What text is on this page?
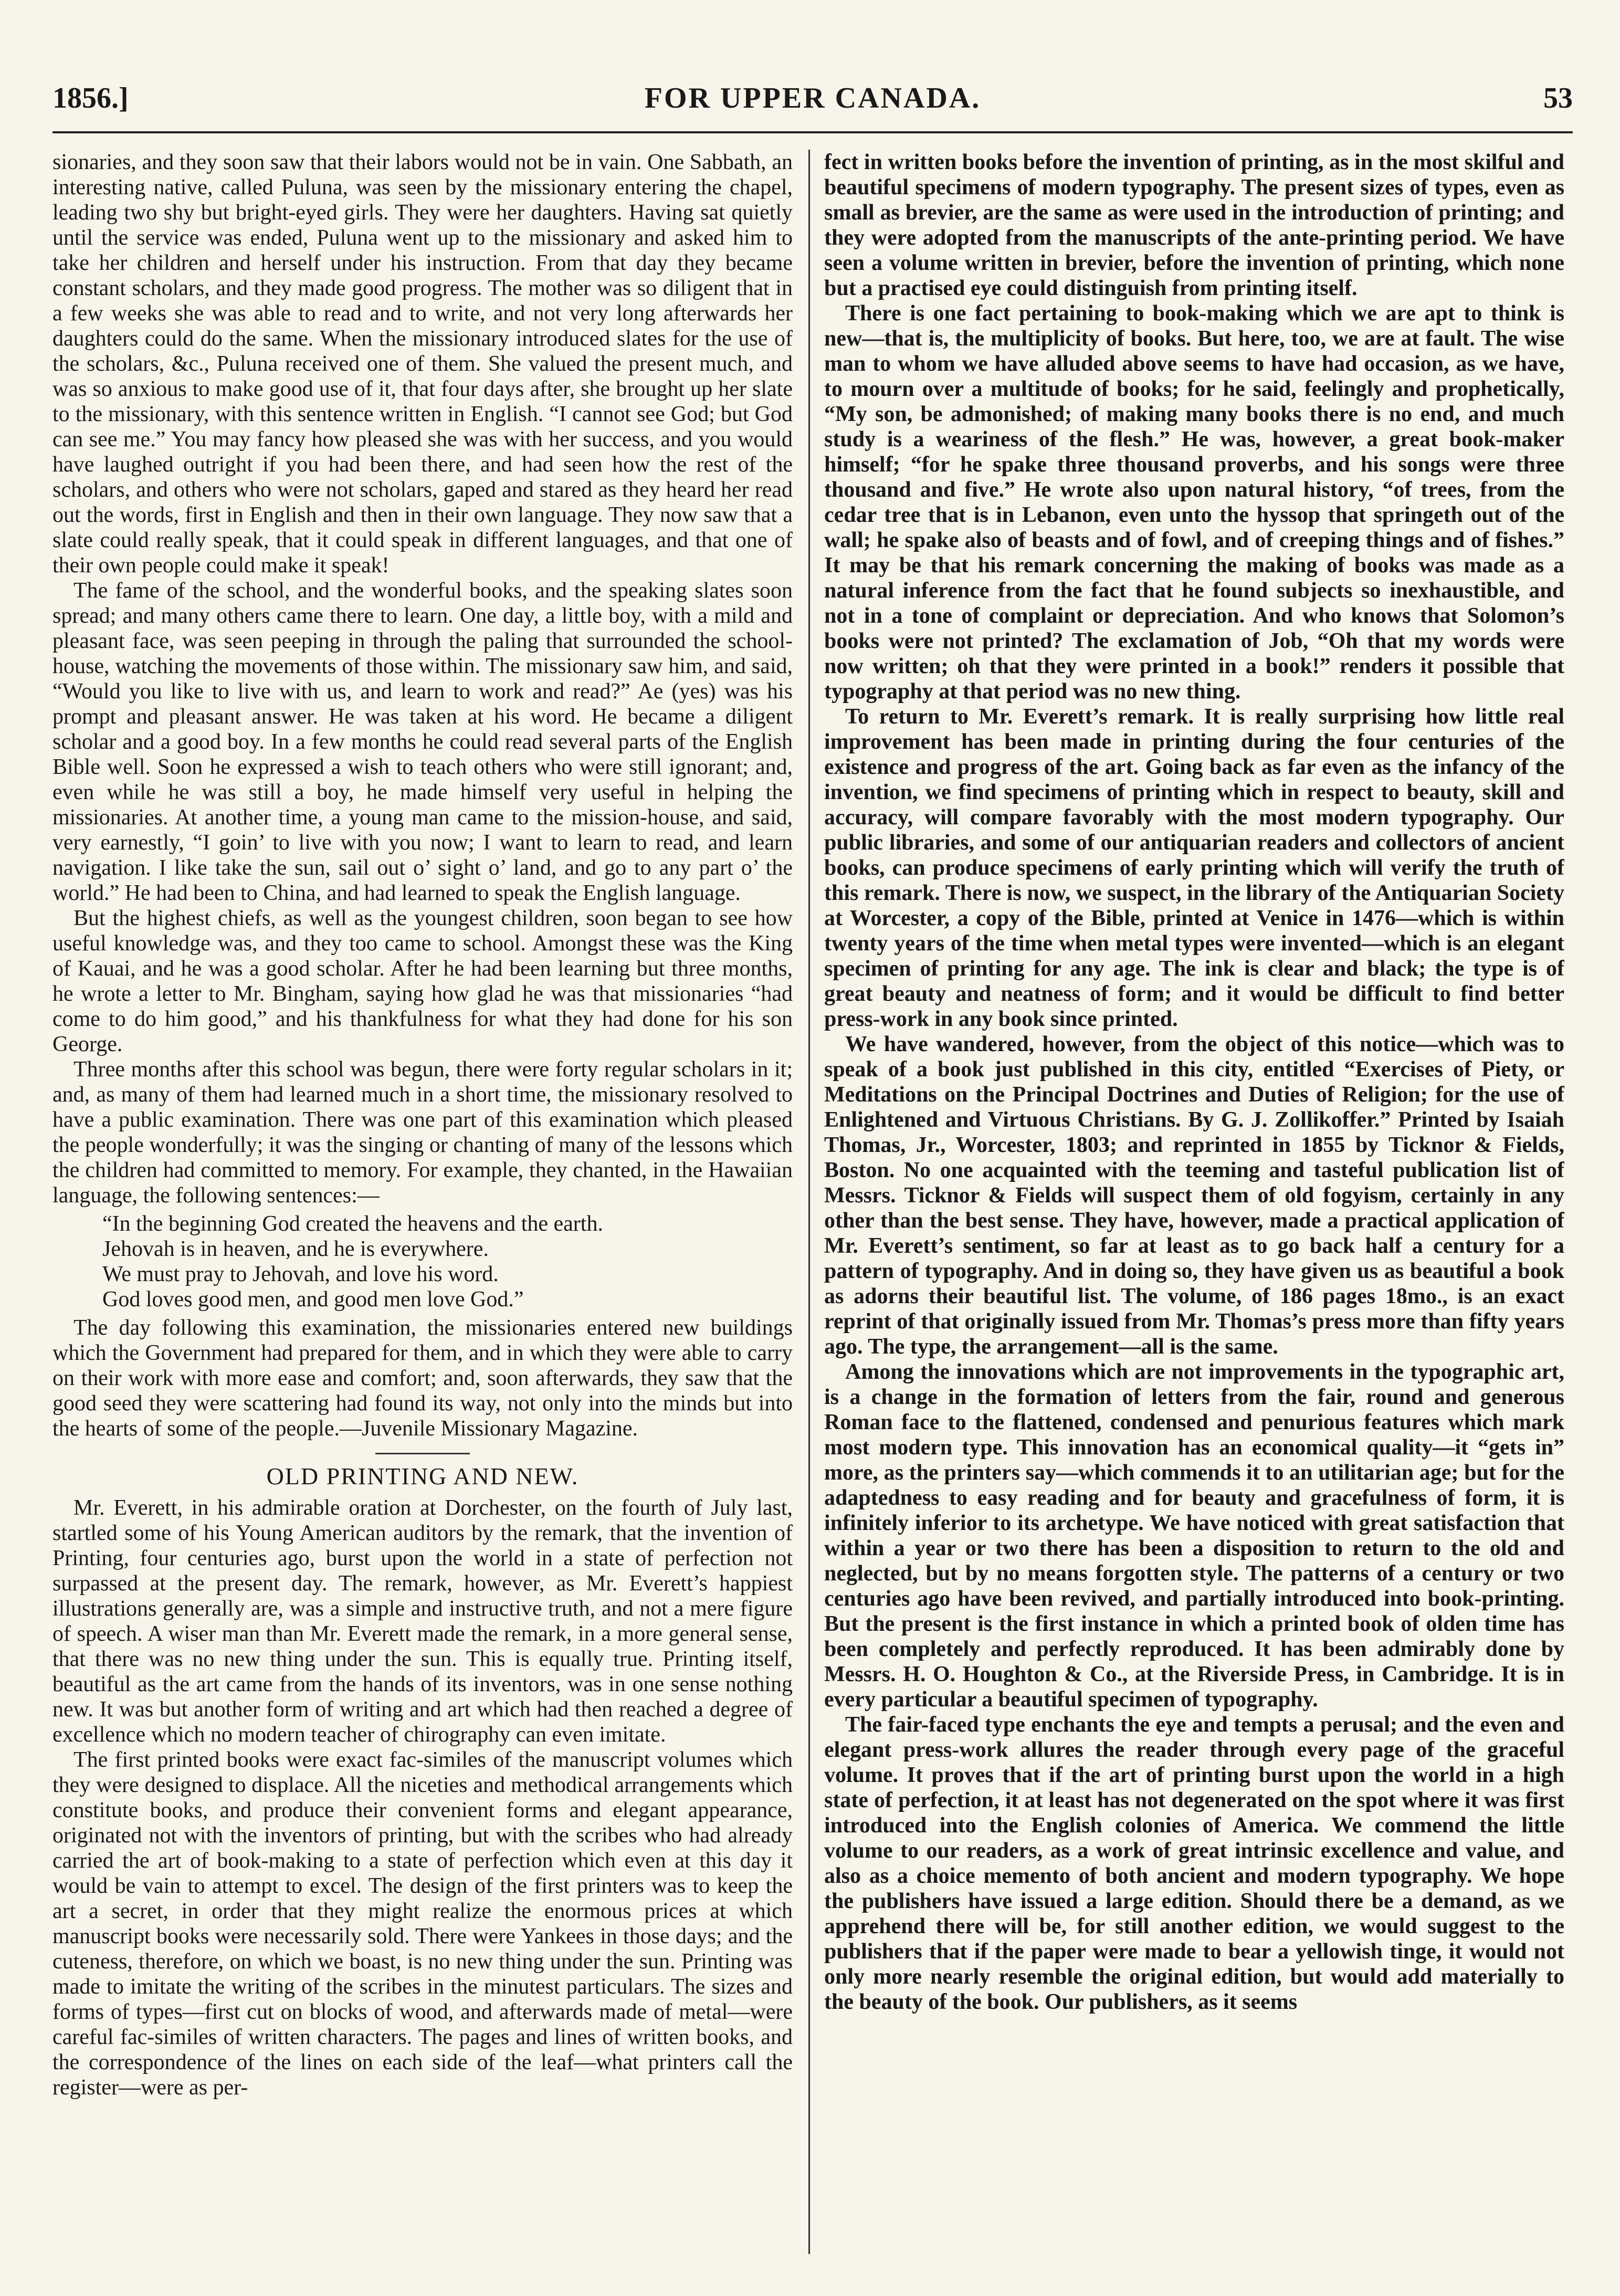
1856.]	FOR UPPER CANADA.	53

sionaries, and they soon saw that their labors would not be in vain. One Sabbath, an interesting native, called Puluna, was seen by the missionary entering the chapel, leading two shy but bright-eyed girls. They were her daughters. Having sat quietly until the service was ended, Puluna went up to the missionary and asked him to take her children and herself under his instruction. From that day they became constant scholars, and they made good progress. The mother was so diligent that in a few weeks she was able to read and to write, and not very long afterwards her daughters could do the same. When the missionary introduced slates for the use of the scholars, &c., Puluna received one of them. She valued the present much, and was so anxious to make good use of it, that four days after, she brought up her slate to the missionary, with this sentence written in English. “I cannot see God; but God can see me.” You may fancy how pleased she was with her success, and you would have laughed outright if you had been there, and had seen how the rest of the scholars, and others who were not scholars, gaped and stared as they heard her read out the words, first in English and then in their own language. They now saw that a slate could really speak, that it could speak in different languages, and that one of their own people could make it speak!

The fame of the school, and the wonderful books, and the speaking slates soon spread; and many others came there to learn. One day, a little boy, with a mild and pleasant face, was seen peeping in through the paling that surrounded the school-house, watching the movements of those within. The missionary saw him, and said, “Would you like to live with us, and learn to work and read?” Ae (yes) was his prompt and pleasant answer. He was taken at his word. He became a diligent scholar and a good boy. In a few months he could read several parts of the English Bible well. Soon he expressed a wish to teach others who were still ignorant; and, even while he was still a boy, he made himself very useful in helping the missionaries. At another time, a young man came to the mission-house, and said, very earnestly, “I goin’ to live with you now; I want to learn to read, and learn navigation. I like take the sun, sail out o’ sight o’ land, and go to any part o’ the world.” He had been to China, and had learned to speak the English language.

But the highest chiefs, as well as the youngest children, soon began to see how useful knowledge was, and they too came to school. Amongst these was the King of Kauai, and he was a good scholar. After he had been learning but three months, he wrote a letter to Mr. Bingham, saying how glad he was that missionaries “had come to do him good,” and his thankfulness for what they had done for his son George.

Three months after this school was begun, there were forty regular scholars in it; and, as many of them had learned much in a short time, the missionary resolved to have a public examination. There was one part of this examination which pleased the people wonderfully; it was the singing or chanting of many of the lessons which the children had committed to memory. For example, they chanted, in the Hawaiian language, the following sentences:—

“In the beginning God created the heavens and the earth.
Jehovah is in heaven, and he is everywhere.
We must pray to Jehovah, and love his word.
God loves good men, and good men love God.”

The day following this examination, the missionaries entered new buildings which the Government had prepared for them, and in which they were able to carry on their work with more ease and comfort; and, soon afterwards, they saw that the good seed they were scattering had found its way, not only into the minds but into the hearts of some of the people.—Juvenile Missionary Magazine.

OLD PRINTING AND NEW.

Mr. Everett, in his admirable oration at Dorchester, on the fourth of July last, startled some of his Young American auditors by the remark, that the invention of Printing, four centuries ago, burst upon the world in a state of perfection not surpassed at the present day. The remark, however, as Mr. Everett’s happiest illustrations generally are, was a simple and instructive truth, and not a mere figure of speech. A wiser man than Mr. Everett made the remark, in a more general sense, that there was no new thing under the sun. This is equally true. Printing itself, beautiful as the art came from the hands of its inventors, was in one sense nothing new. It was but another form of writing and art which had then reached a degree of excellence which no modern teacher of chirography can even imitate.

The first printed books were exact fac-similes of the manuscript volumes which they were designed to displace. All the niceties and methodical arrangements which constitute books, and produce their convenient forms and elegant appearance, originated not with the inventors of printing, but with the scribes who had already carried the art of book-making to a state of perfection which even at this day it would be vain to attempt to excel. The design of the first printers was to keep the art a secret, in order that they might realize the enormous prices at which manuscript books were necessarily sold. There were Yankees in those days; and the cuteness, therefore, on which we boast, is no new thing under the sun. Printing was made to imitate the writing of the scribes in the minutest particulars. The sizes and forms of types—first cut on blocks of wood, and afterwards made of metal—were careful fac-similes of written characters. The pages and lines of written books, and the correspondence of the lines on each side of the leaf—what printers call the register—were as per-

fect in written books before the invention of printing, as in the most skilful and beautiful specimens of modern typography. The present sizes of types, even as small as brevier, are the same as were used in the introduction of printing; and they were adopted from the manuscripts of the ante-printing period. We have seen a volume written in brevier, before the invention of printing, which none but a practised eye could distinguish from printing itself.

There is one fact pertaining to book-making which we are apt to think is new—that is, the multiplicity of books. But here, too, we are at fault. The wise man to whom we have alluded above seems to have had occasion, as we have, to mourn over a multitude of books; for he said, feelingly and prophetically, “My son, be admonished; of making many books there is no end, and much study is a weariness of the flesh.” He was, however, a great book-maker himself; “for he spake three thousand proverbs, and his songs were three thousand and five.” He wrote also upon natural history, “of trees, from the cedar tree that is in Lebanon, even unto the hyssop that springeth out of the wall; he spake also of beasts and of fowl, and of creeping things and of fishes.” It may be that his remark concerning the making of books was made as a natural inference from the fact that he found subjects so inexhaustible, and not in a tone of complaint or depreciation. And who knows that Solomon’s books were not printed? The exclamation of Job, “Oh that my words were now written; oh that they were printed in a book!” renders it possible that typography at that period was no new thing.

To return to Mr. Everett’s remark. It is really surprising how little real improvement has been made in printing during the four centuries of the existence and progress of the art. Going back as far even as the infancy of the invention, we find specimens of printing which in respect to beauty, skill and accuracy, will compare favorably with the most modern typography. Our public libraries, and some of our antiquarian readers and collectors of ancient books, can produce specimens of early printing which will verify the truth of this remark. There is now, we suspect, in the library of the Antiquarian Society at Worcester, a copy of the Bible, printed at Venice in 1476—which is within twenty years of the time when metal types were invented—which is an elegant specimen of printing for any age. The ink is clear and black; the type is of great beauty and neatness of form; and it would be difficult to find better press-work in any book since printed.

We have wandered, however, from the object of this notice—which was to speak of a book just published in this city, entitled “Exercises of Piety, or Meditations on the Principal Doctrines and Duties of Religion; for the use of Enlightened and Virtuous Christians. By G. J. Zollikoffer.” Printed by Isaiah Thomas, Jr., Worcester, 1803; and reprinted in 1855 by Ticknor & Fields, Boston. No one acquainted with the teeming and tasteful publication list of Messrs. Ticknor & Fields will suspect them of old fogyism, certainly in any other than the best sense. They have, however, made a practical application of Mr. Everett’s sentiment, so far at least as to go back half a century for a pattern of typography. And in doing so, they have given us as beautiful a book as adorns their beautiful list. The volume, of 186 pages 18mo., is an exact reprint of that originally issued from Mr. Thomas’s press more than fifty years ago. The type, the arrangement—all is the same.

Among the innovations which are not improvements in the typographic art, is a change in the formation of letters from the fair, round and generous Roman face to the flattened, condensed and penurious features which mark most modern type. This innovation has an economical quality—it “gets in” more, as the printers say—which commends it to an utilitarian age; but for the adaptedness to easy reading and for beauty and gracefulness of form, it is infinitely inferior to its archetype. We have noticed with great satisfaction that within a year or two there has been a disposition to return to the old and neglected, but by no means forgotten style. The patterns of a century or two centuries ago have been revived, and partially introduced into book-printing. But the present is the first instance in which a printed book of olden time has been completely and perfectly reproduced. It has been admirably done by Messrs. H. O. Houghton & Co., at the Riverside Press, in Cambridge. It is in every particular a beautiful specimen of typography.

The fair-faced type enchants the eye and tempts a perusal; and the even and elegant press-work allures the reader through every page of the graceful volume. It proves that if the art of printing burst upon the world in a high state of perfection, it at least has not degenerated on the spot where it was first introduced into the English colonies of America. We commend the little volume to our readers, as a work of great intrinsic excellence and value, and also as a choice memento of both ancient and modern typography. We hope the publishers have issued a large edition. Should there be a demand, as we apprehend there will be, for still another edition, we would suggest to the publishers that if the paper were made to bear a yellowish tinge, it would not only more nearly resemble the original edition, but would add materially to the beauty of the book. Our publishers, as it seems
